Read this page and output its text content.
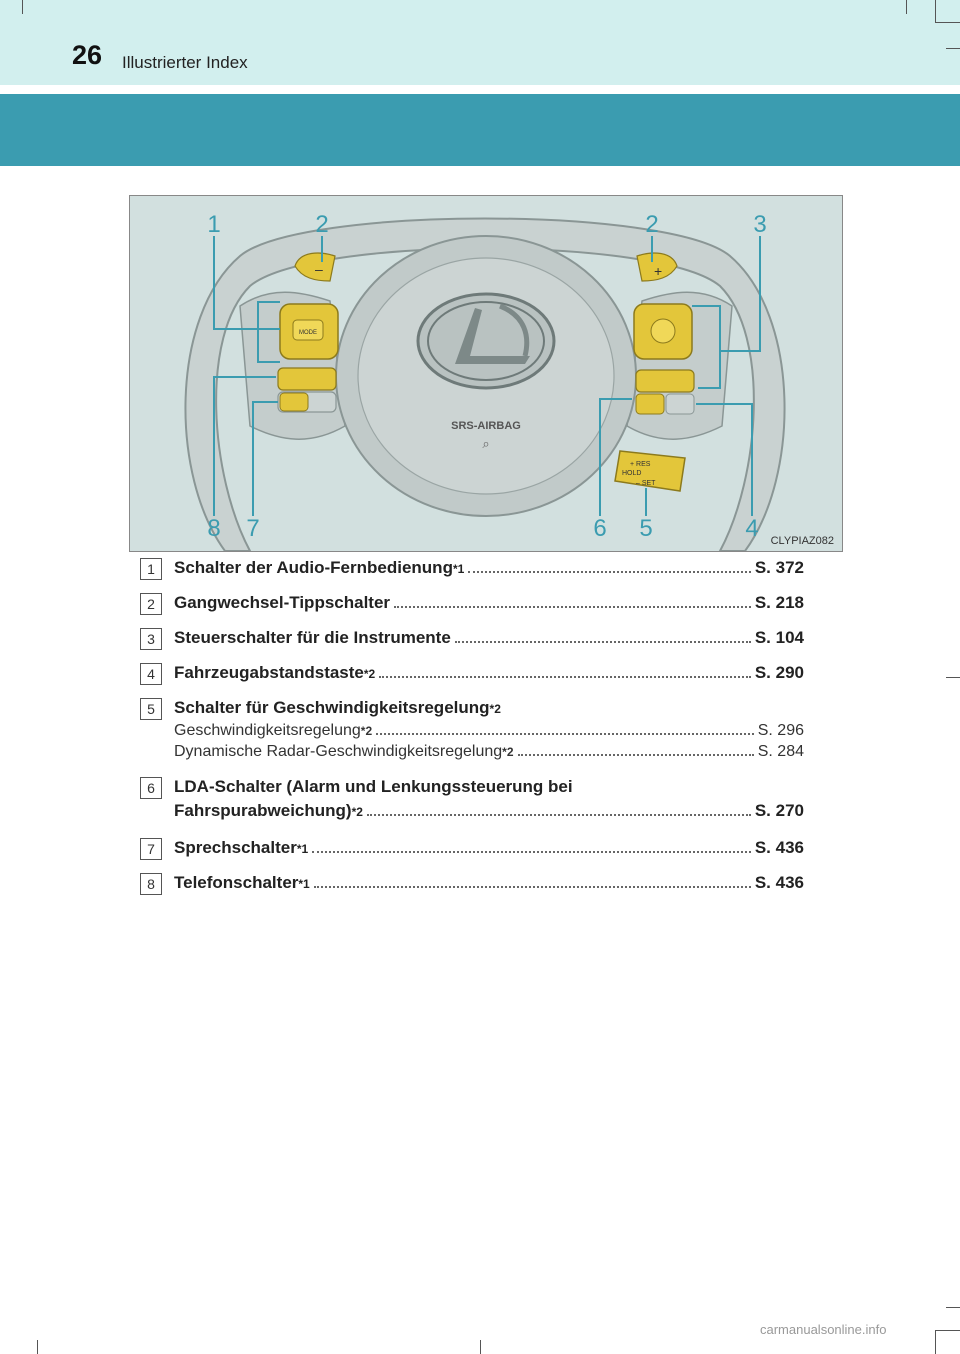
26 Illustrierter Index
SRS-AIRBAG
⌕
–	+
MODE
+ RES
HOLD
– SET
1	2	2	3
8 7	6 5	4 CLYPIAZ082
1	Schalter der Audio-Fernbedienung *1	S. 372
2	Gangwechsel-Tippschalter	S. 218
3	Steuerschalter für die Instrumente	S. 104
4	Fahrzeugabstandstaste *2	S. 290
5	Schalter für Geschwindigkeitsregelung *2
Geschwindigkeitsregelung *2	S. 296
Dynamische Radar-Geschwindigkeitsregelung *2	S. 284
6	LDA-Schalter (Alarm und Lenkungssteuerung bei
Fahrspurabweichung) *2	S. 270
7	Sprechschalter *1	S. 436
8	Telefonschalter *1	S. 436
carmanualsonline.info
